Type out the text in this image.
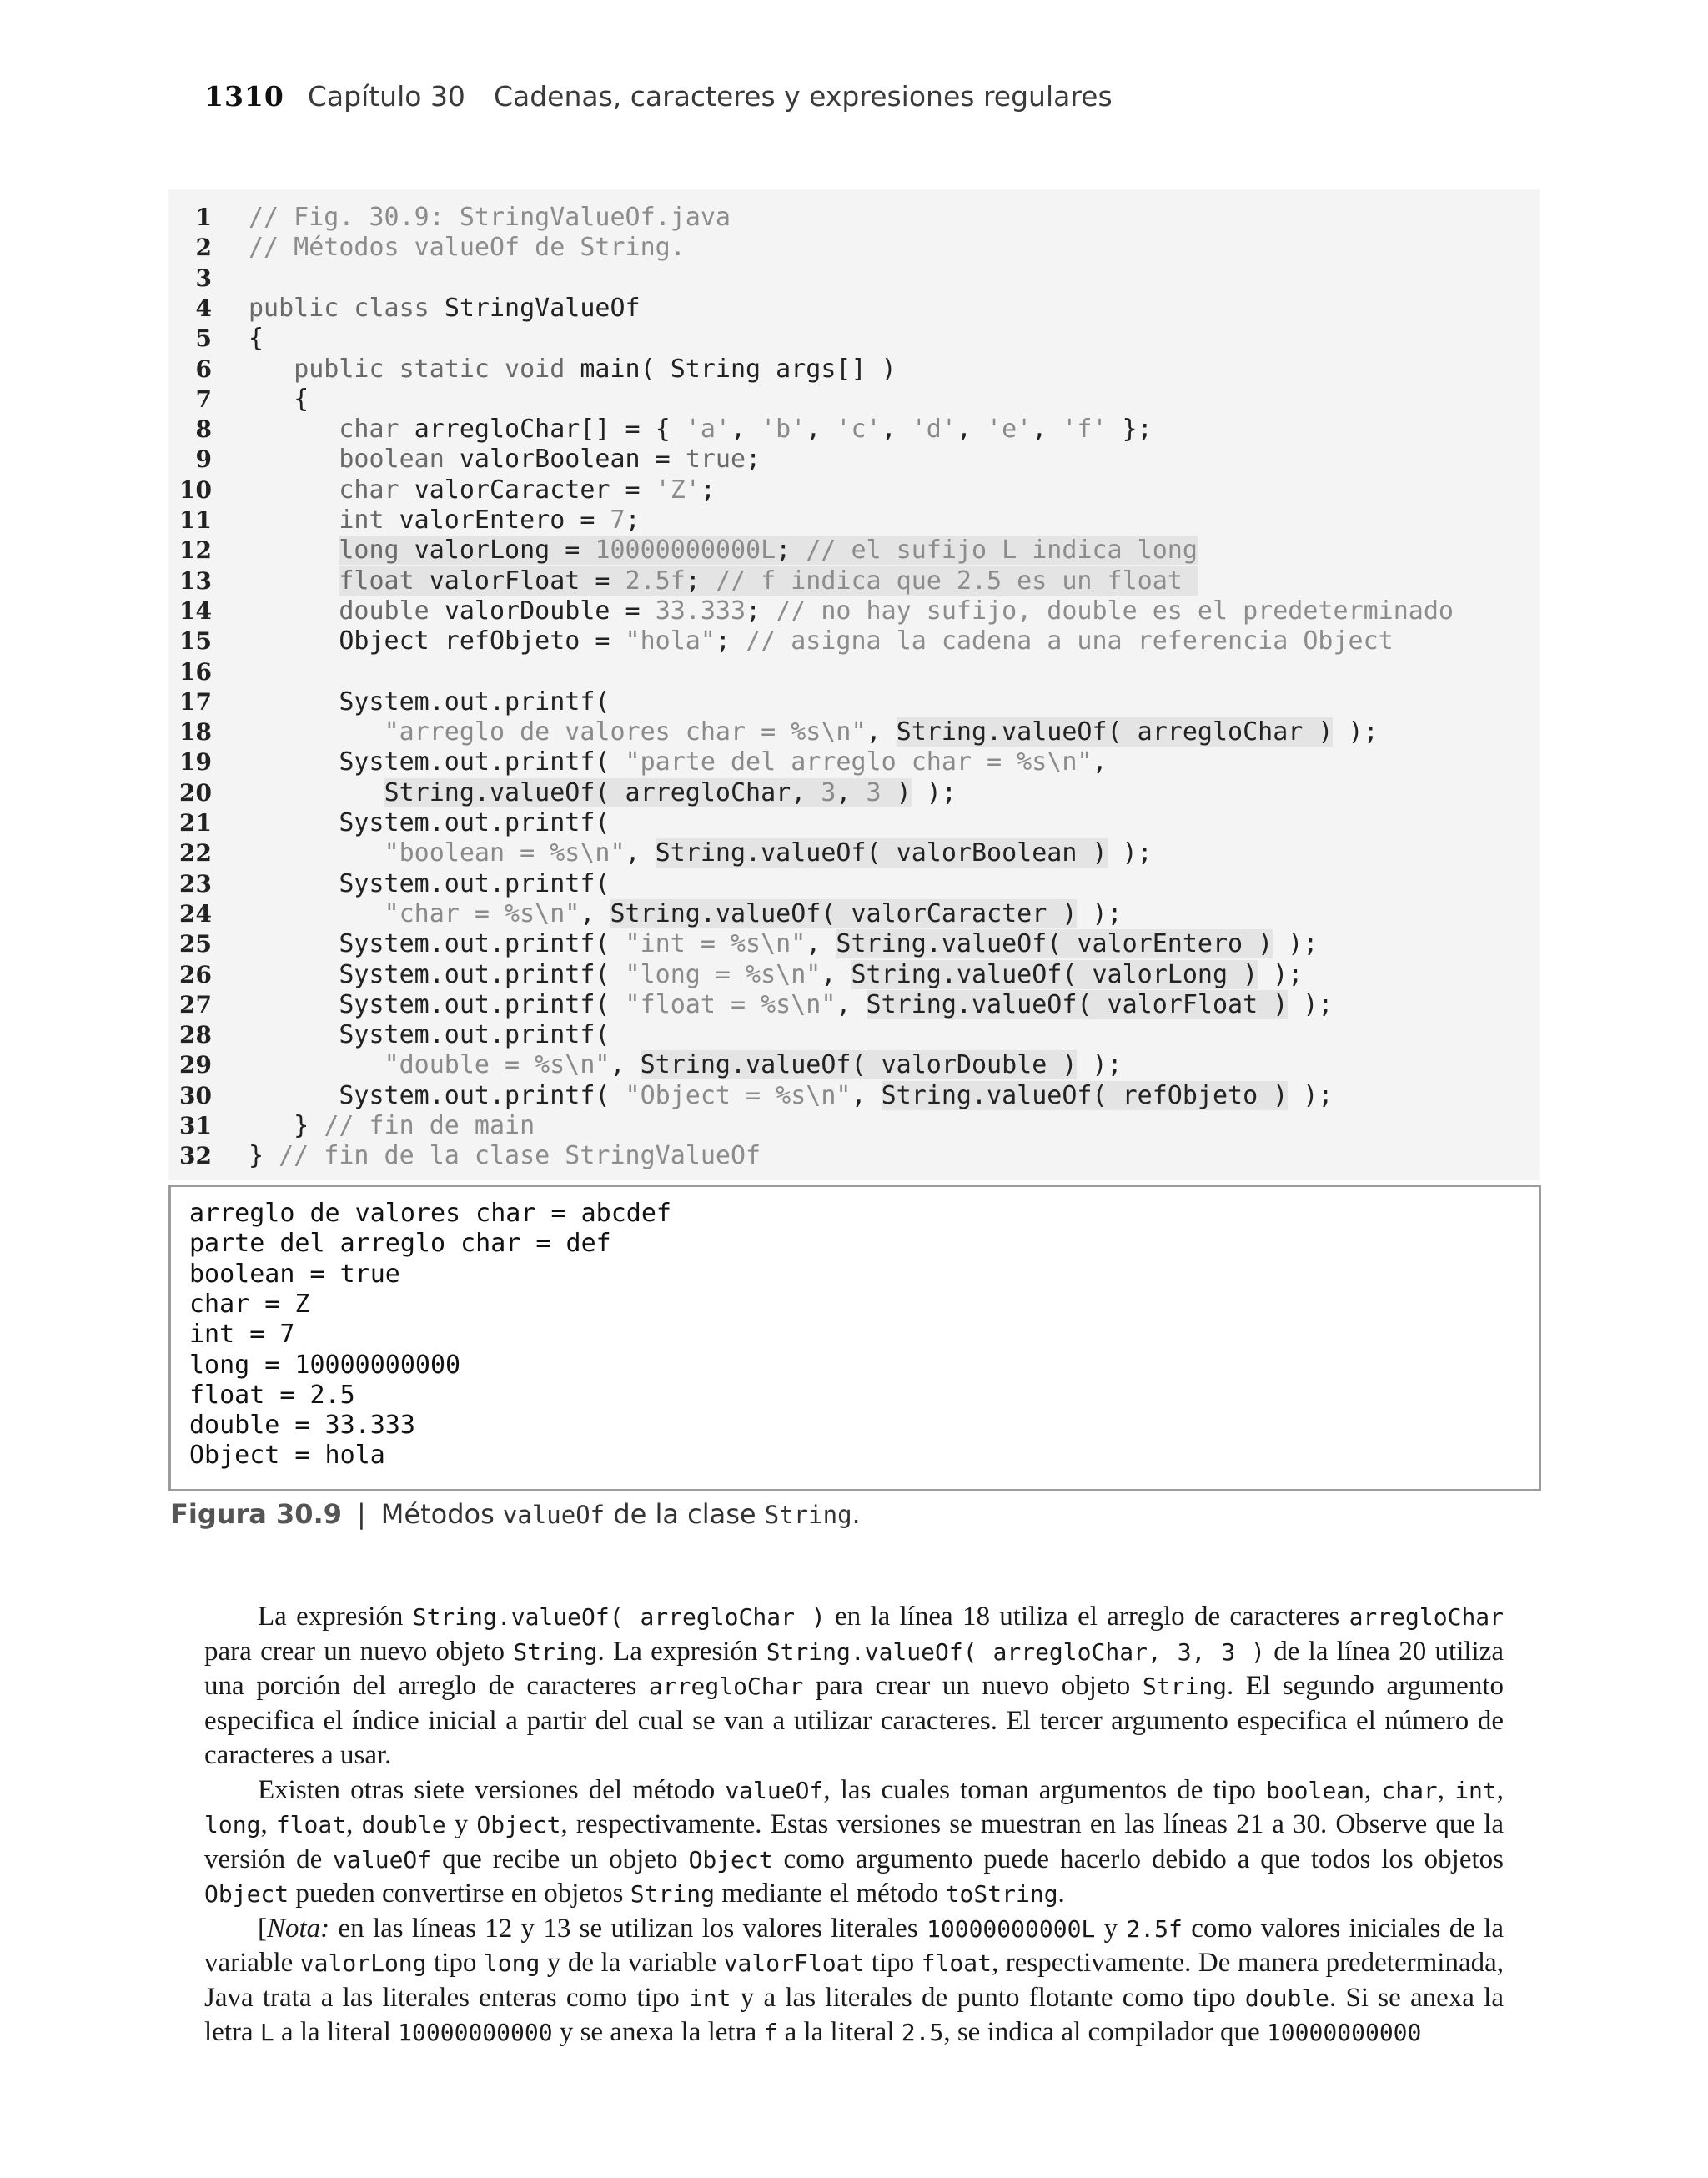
1310 Capítulo 30 Cadenas, caracteres y expresiones regulares
1 // Fig. 30.9: StringValueOf.java
2 // Métodos valueOf de String.
3
4 public class StringValueOf
5 {
6	public static void main( String args[] )
7 {
8	char arregloChar[] = { 'a', 'b', 'c', 'd', 'e', 'f' };
9	boolean valorBoolean = true;
10	char valorCaracter = 'Z';
11	int valorEntero = 7;
12	long valorLong = 10000000000L; // el sufijo L indica long
13	float valorFloat = 2.5f; // f indica que 2.5 es un float
14	double valorDouble = 33.333; // no hay sufijo, double es el predeterminado
15 Object refObjeto = "hola"; // asigna la cadena a una referencia Object
16
17 System.out.printf(
18	"arreglo de valores char = %s\n", String.valueOf( arregloChar ) );
19 System.out.printf( "parte del arreglo char = %s\n",
20	String.valueOf( arregloChar, 3, 3 ) );
21 System.out.printf(
22	"boolean = %s\n", String.valueOf( valorBoolean ) );
23 System.out.printf(
24	"char = %s\n", String.valueOf( valorCaracter ) );
25 System.out.printf( "int = %s\n", String.valueOf( valorEntero ) );
26 System.out.printf( "long = %s\n", String.valueOf( valorLong ) );
27 System.out.printf( "float = %s\n", String.valueOf( valorFloat ) );
28 System.out.printf(
29	"double = %s\n", String.valueOf( valorDouble ) );
30 System.out.printf( "Object = %s\n", String.valueOf( refObjeto ) );
31 } // fin de main
32 } // fin de la clase StringValueOf
arreglo de valores char = abcdef
parte del arreglo char = def
boolean = true
char = Z
int = 7
long = 10000000000
float = 2.5
double = 33.333
Object = hola
Figura 30.9 | Métodos valueOf de la clase String.

La expresión String.valueOf( arregloChar ) en la línea 18 utiliza el arreglo de caracteres arregloChar para crear un nuevo objeto String. La expresión String.valueOf( arregloChar, 3, 3 ) de la línea 20 utiliza una porción del arreglo de caracteres arregloChar para crear un nuevo objeto String. El segundo argumento especifica el índice inicial a partir del cual se van a utilizar caracteres. El tercer argumento especifica el número de caracteres a usar.

Existen otras siete versiones del método valueOf, las cuales toman argumentos de tipo boolean, char, int, long, float, double y Object, respectivamente. Estas versiones se muestran en las líneas 21 a 30. Observe que la versión de valueOf que recibe un objeto Object como argumento puede hacerlo debido a que todos los objetos Object pueden convertirse en objetos String mediante el método toString.

[Nota: en las líneas 12 y 13 se utilizan los valores literales 10000000000L y 2.5f como valores iniciales de la variable valorLong tipo long y de la variable valorFloat tipo float, respectivamente. De manera predeterminada, Java trata a las literales enteras como tipo int y a las literales de punto flotante como tipo double. Si se anexa la letra L a la literal 10000000000 y se anexa la letra f a la literal 2.5, se indica al compilador que 10000000000
